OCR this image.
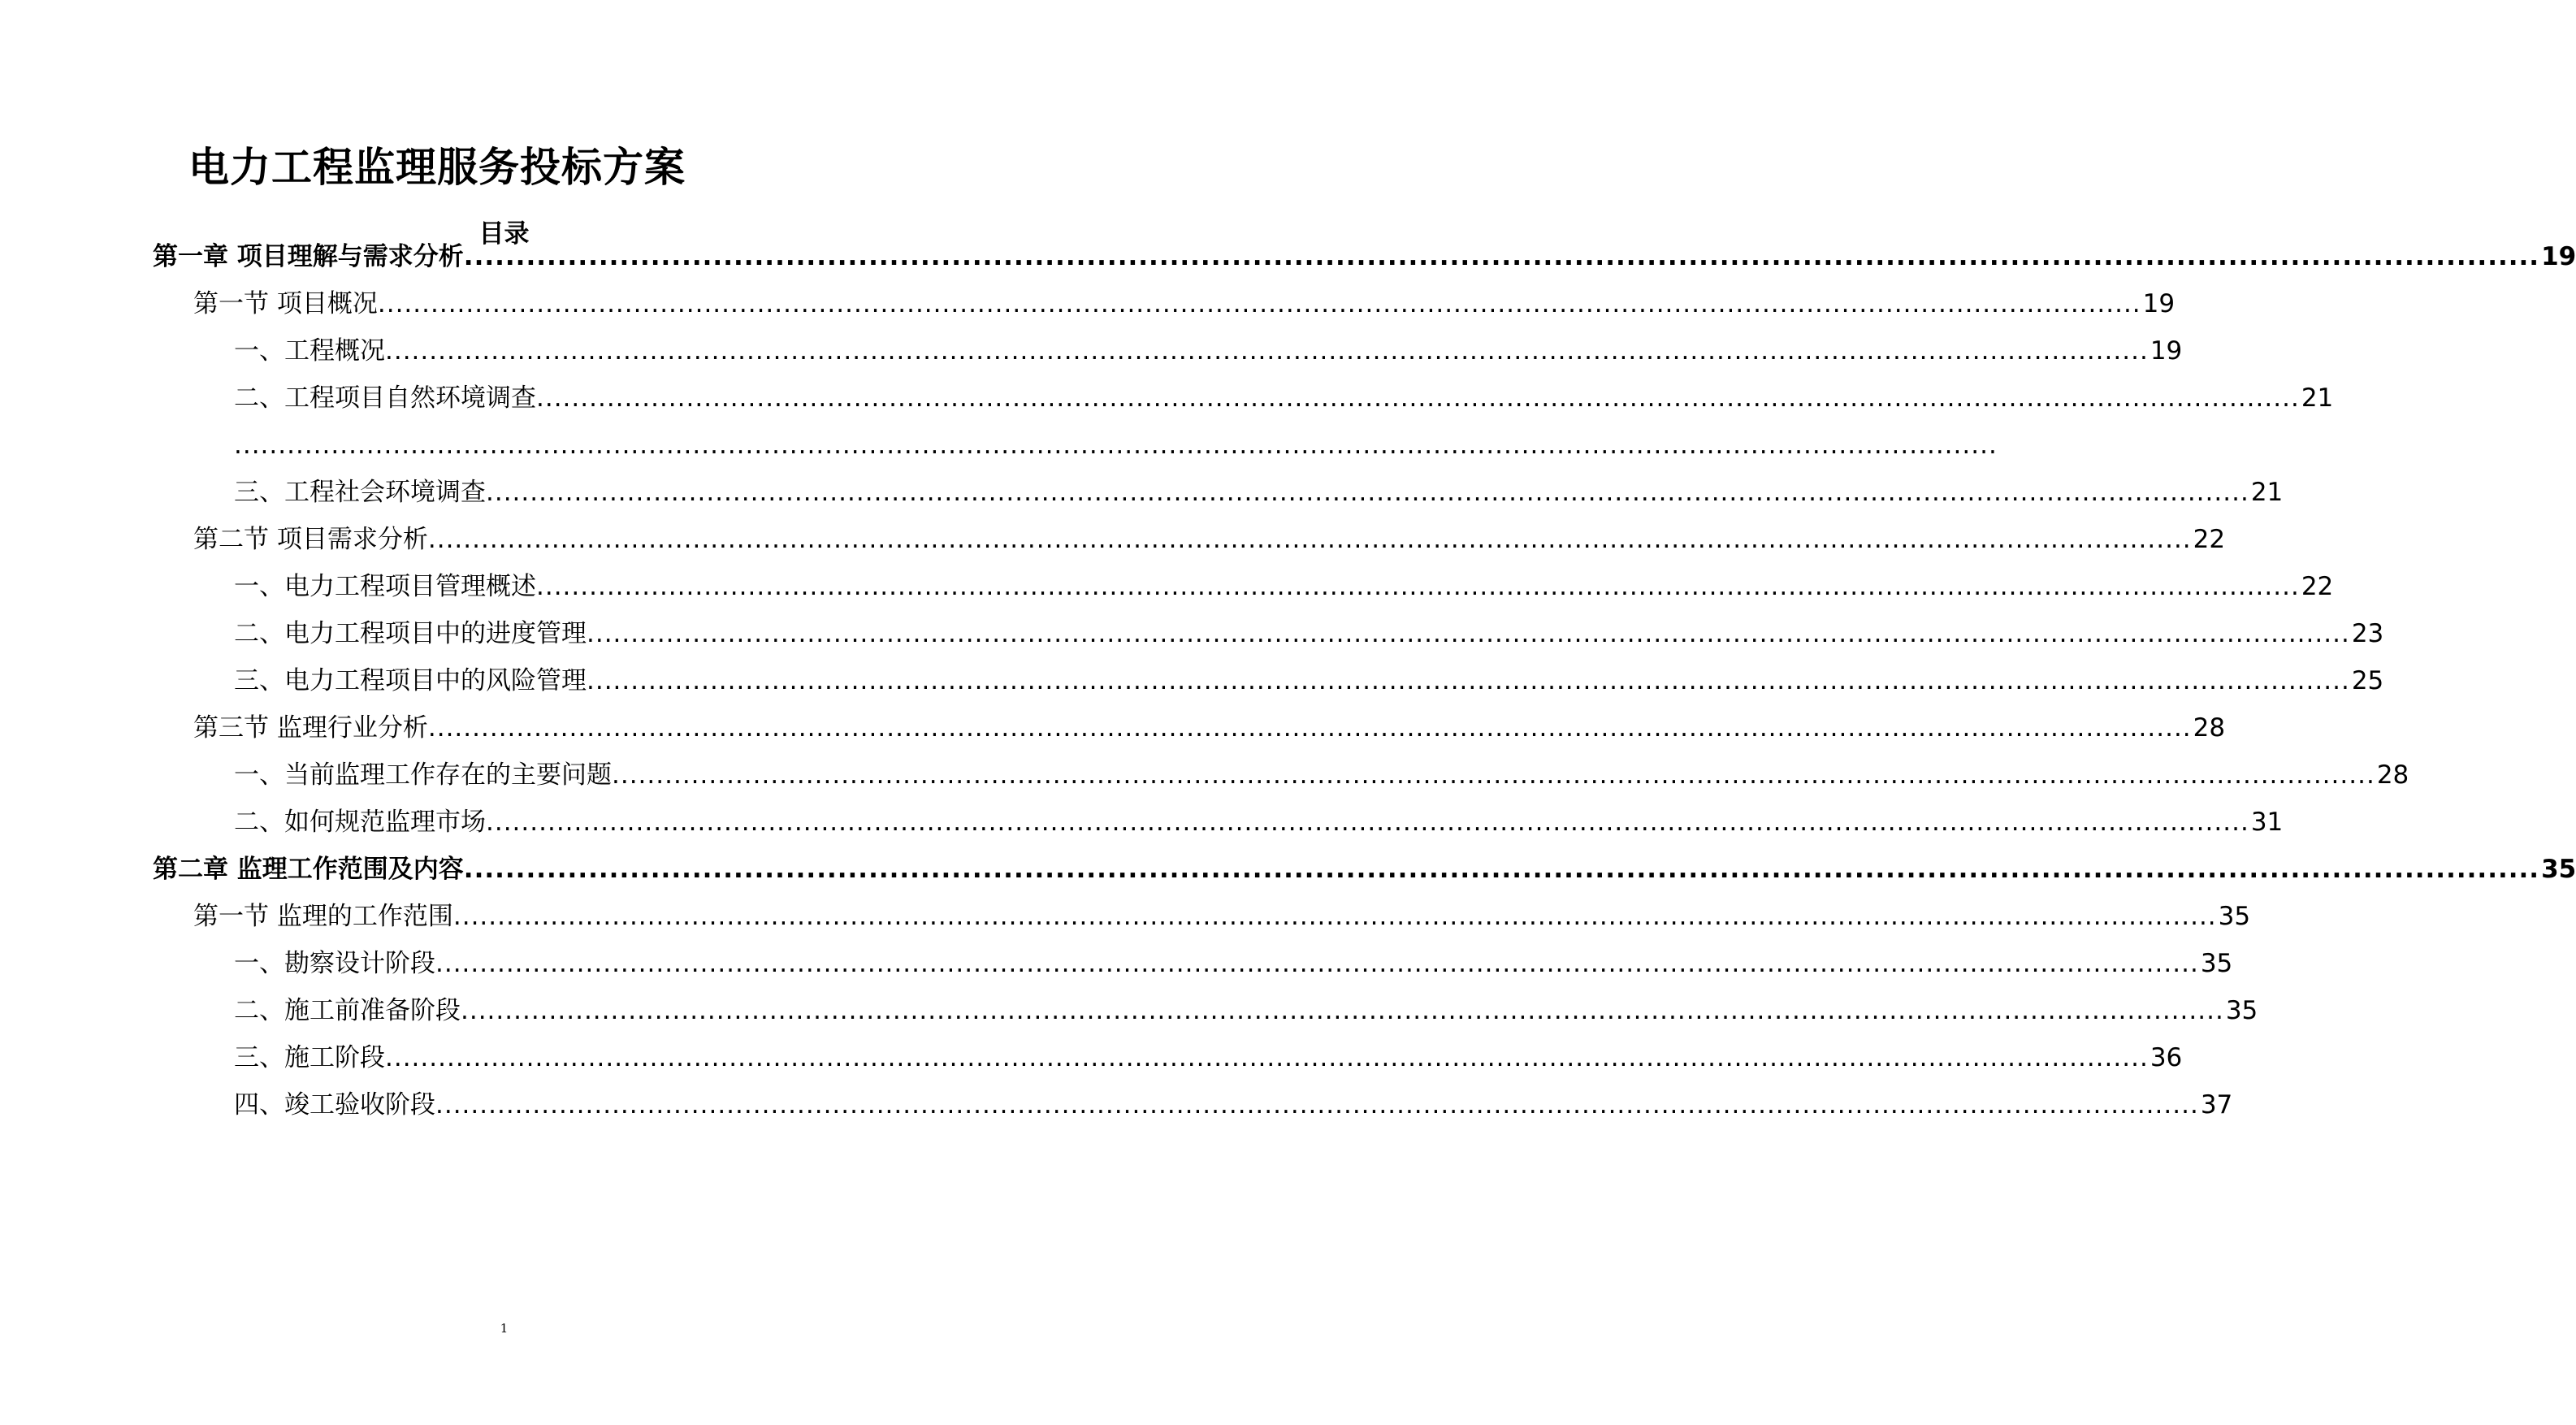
电力工程监理服务投标方案
目录
第一章 项目理解与需求分析 ........................................................................................................................................................................................................ 19
第一节 项目概况 ........................................................................................................................................................................................................ 19
一、工程概况 ........................................................................................................................................................................................................ 19
二、工程项目自然环境调查 ........................................................................................................................................................................................................ 21
........................................................................................................................................................................................................
三、工程社会环境调查 ........................................................................................................................................................................................................ 21
第二节 项目需求分析 ........................................................................................................................................................................................................ 22
一、电力工程项目管理概述 ........................................................................................................................................................................................................ 22
二、电力工程项目中的进度管理 ........................................................................................................................................................................................................ 23
三、电力工程项目中的风险管理 ........................................................................................................................................................................................................ 25
第三节 监理行业分析 ........................................................................................................................................................................................................ 28
一、当前监理工作存在的主要问题 ........................................................................................................................................................................................................ 28
二、如何规范监理市场 ........................................................................................................................................................................................................ 31
第二章 监理工作范围及内容 ........................................................................................................................................................................................................ 35
第一节 监理的工作范围 ........................................................................................................................................................................................................ 35
一、勘察设计阶段 ........................................................................................................................................................................................................ 35
二、施工前准备阶段 ........................................................................................................................................................................................................ 35
三、施工阶段 ........................................................................................................................................................................................................ 36
四、竣工验收阶段 ........................................................................................................................................................................................................ 37
1
